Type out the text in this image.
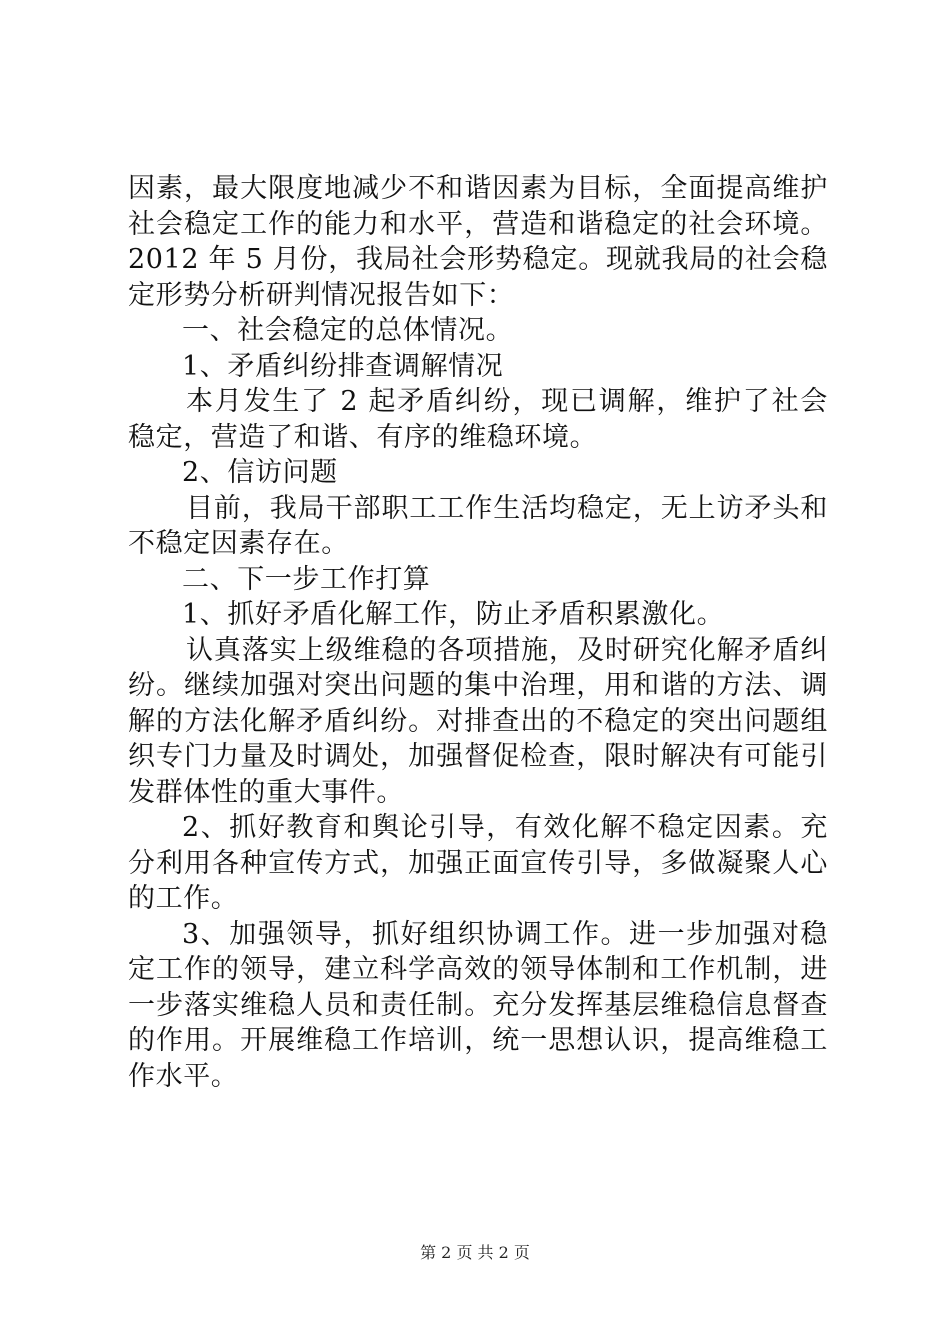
因素，最大限度地减少不和谐因素为目标，全面提高维护社会稳定工作的能力和水平，营造和谐稳定的社会环境。2012 年 5 月份，我局社会形势稳定。现就我局的社会稳定形势分析研判情况报告如下：

一、社会稳定的总体情况。

1、矛盾纠纷排查调解情况

本月发生了 2 起矛盾纠纷，现已调解，维护了社会稳定，营造了和谐、有序的维稳环境。

2、信访问题

目前，我局干部职工工作生活均稳定，无上访矛头和不稳定因素存在。

二、下一步工作打算

1、抓好矛盾化解工作，防止矛盾积累激化。

认真落实上级维稳的各项措施，及时研究化解矛盾纠纷。继续加强对突出问题的集中治理，用和谐的方法、调解的方法化解矛盾纠纷。对排查出的不稳定的突出问题组织专门力量及时调处，加强督促检查，限时解决有可能引发群体性的重大事件。

2、抓好教育和舆论引导，有效化解不稳定因素。充分利用各种宣传方式，加强正面宣传引导，多做凝聚人心的工作。

3、加强领导，抓好组织协调工作。进一步加强对稳定工作的领导，建立科学高效的领导体制和工作机制，进一步落实维稳人员和责任制。充分发挥基层维稳信息督查的作用。开展维稳工作培训，统一思想认识，提高维稳工作水平。

第 2 页 共 2 页
